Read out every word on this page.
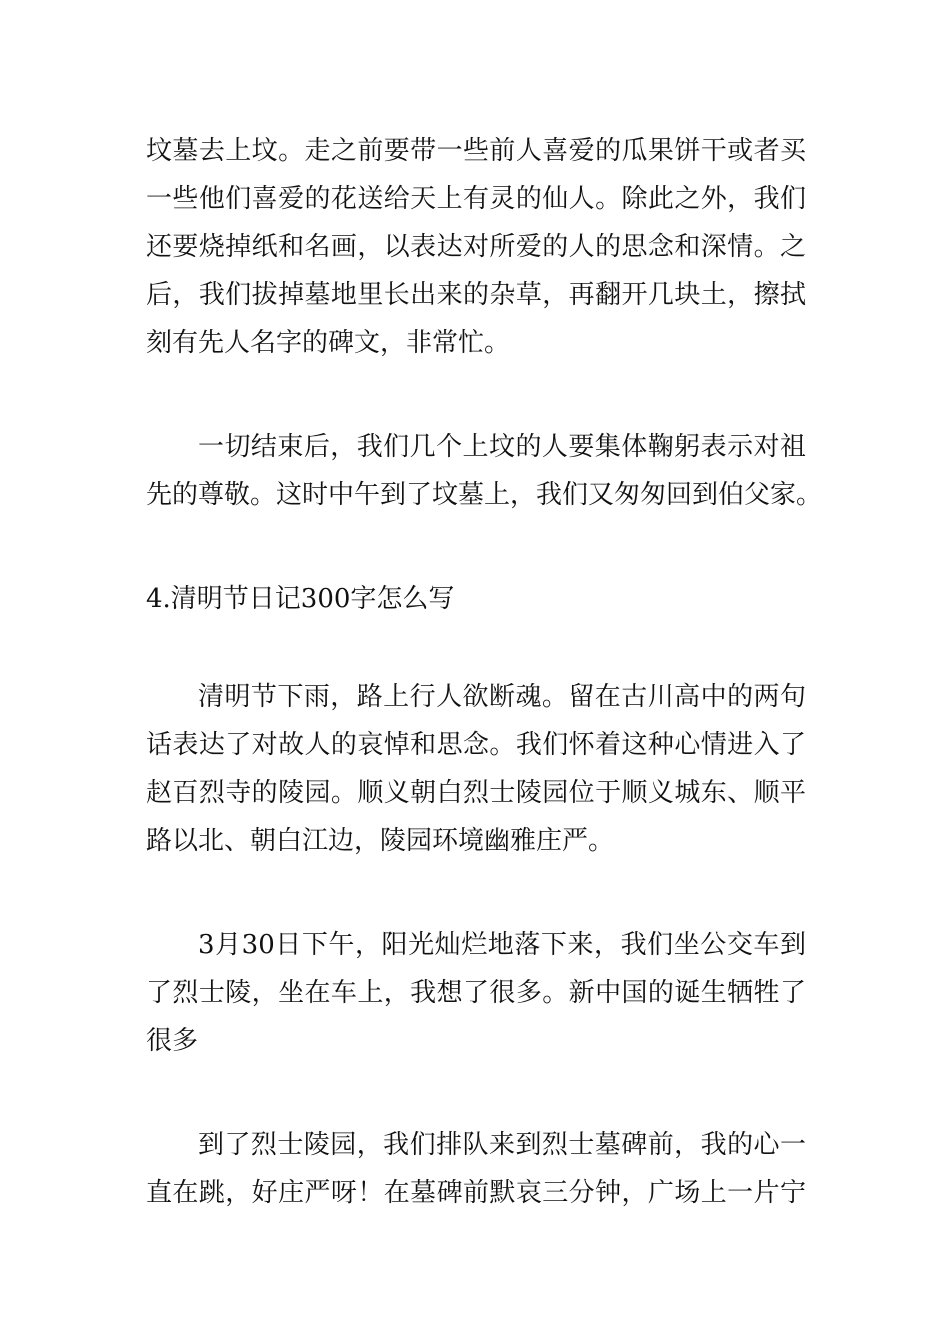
坟墓去上坟。走之前要带一些前人喜爱的瓜果饼干或者买
一些他们喜爱的花送给天上有灵的仙人。除此之外，我们
还要烧掉纸和名画，以表达对所爱的人的思念和深情。之
后，我们拔掉墓地里长出来的杂草，再翻开几块土，擦拭
刻有先人名字的碑文，非常忙。
一切结束后，我们几个上坟的人要集体鞠躬表示对祖
先的尊敬。这时中午到了坟墓上，我们又匆匆回到伯父家。
4.清明节日记300字怎么写
清明节下雨，路上行人欲断魂。留在古川高中的两句
话表达了对故人的哀悼和思念。我们怀着这种心情进入了
赵百烈寺的陵园。顺义朝白烈士陵园位于顺义城东、顺平
路以北、朝白江边，陵园环境幽雅庄严。
3月30日下午，阳光灿烂地落下来，我们坐公交车到
了烈士陵，坐在车上，我想了很多。新中国的诞生牺牲了
很多
到了烈士陵园，我们排队来到烈士墓碑前，我的心一
直在跳，好庄严呀！在墓碑前默哀三分钟，广场上一片宁
